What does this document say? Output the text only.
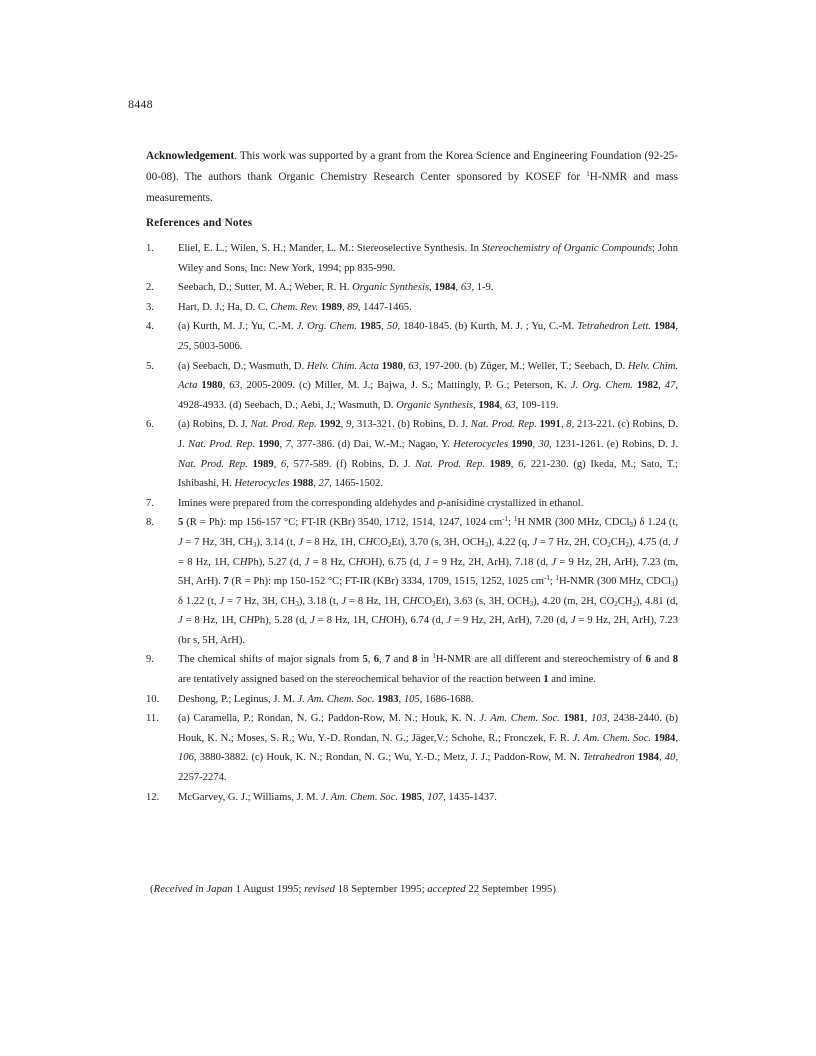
8448

Acknowledgement. This work was supported by a grant from the Korea Science and Engineering Foundation (92-25-00-08). The authors thank Organic Chemistry Research Center sponsored by KOSEF for $^1$H-NMR and mass measurements.

References and Notes
1.	Eliel, E. L.; Wilen, S. H.; Mander, L. M.: Stereoselective Synthesis. In Stereochemistry of Organic Compounds; John Wiley and Sons, Inc: New York, 1994; pp 835-990.
2.	Seebach, D.; Sutter, M. A.; Weber, R. H. Organic Synthesis, 1984, 63, 1-9.
3.	Hart, D. J.; Ha, D. C. Chem. Rev. 1989, 89, 1447-1465.
4.	(a) Kurth, M. J.; Yu, C.-M. J. Org. Chem. 1985, 50, 1840-1845. (b) Kurth, M. J. ; Yu, C.-M. Tetrahedron Lett. 1984, 25, 5003-5006.
5.	(a) Seebach, D.; Wasmuth, D. Helv. Chim. Acta 1980, 63, 197-200. (b) Züger, M.; Weller, T.; Seebach, D. Helv. Chim. Acta 1980, 63, 2005-2009. (c) Miller, M. J.; Bajwa, J. S.; Mattingly, P. G.; Peterson, K. J. Org. Chem. 1982, 47, 4928-4933. (d) Seebach, D.; Aebi, J.; Wasmuth, D. Organic Synthesis, 1984, 63, 109-119.
6.	(a) Robins, D. J. Nat. Prod. Rep. 1992, 9, 313-321. (b) Robins, D. J. Nat. Prod. Rep. 1991, 8, 213-221. (c) Robins, D. J. Nat. Prod. Rep. 1990, 7, 377-386. (d) Dai, W.-M.; Nagao, Y. Heterocycles 1990, 30, 1231-1261. (e) Robins, D. J. Nat. Prod. Rep. 1989, 6, 577-589. (f) Robins, D. J. Nat. Prod. Rep. 1989, 6, 221-230. (g) Ikeda, M.; Sato, T.; Ishibashi, H. Heterocycles 1988, 27, 1465-1502.
7.	Imines were prepared from the corresponding aldehydes and p-anisidine crystallized in ethanol.
8.	5 (R = Ph): mp 156-157 °C; FT-IR (KBr) 3540, 1712, 1514, 1247, 1024 $cm^{-1}$; $^1$H NMR (300 MHz, CDCl$_3$) δ 1.24 (t, J = 7 Hz, 3H, $CH_3$), 3.14 (t, J = 8 Hz, 1H, $CHCO_2Et$), 3.70 (s, 3H, $OCH_3$), 4.22 (q, J = 7 Hz, 2H, $CO_2CH_2$), 4.75 (d, J = 8 Hz, 1H, CHPh), 5.27 (d, J = 8 Hz, CHOH), 6.75 (d, J = 9 Hz, 2H, ArH), 7.18 (d, J = 9 Hz, 2H, ArH), 7.23 (m, 5H, ArH). 7 (R = Ph): mp 150-152 °C; FT-IR (KBr) 3334, 1709, 1515, 1252, 1025 $cm^{-1}$; $^1$H-NMR (300 MHz, CDCl$_3$) δ 1.22 (t, J = 7 Hz, 3H, $CH_3$), 3.18 (t, J = 8 Hz, 1H, $CHCO_2Et$), 3.63 (s, 3H, $OCH_3$), 4.20 (m, 2H, $CO_2CH_2$), 4.81 (d, J = 8 Hz, 1H, CHPh), 5.28 (d, J = 8 Hz, 1H, CHOH), 6.74 (d, J = 9 Hz, 2H, ArH), 7.20 (d, J = 9 Hz, 2H, ArH), 7.23 (br s, 5H, ArH).
9.	The chemical shifts of major signals from 5, 6, 7 and 8 in $^1$H-NMR are all different and stereochemistry of 6 and 8 are tentatively assigned based on the stereochemical behavior of the reaction between 1 and imine.
10.	Deshong, P.; Leginus, J. M. J. Am. Chem. Soc. 1983, 105, 1686-1688.
11.	(a) Caramella, P.; Rondan, N. G.; Paddon-Row, M. N.; Houk, K. N. J. Am. Chem. Soc. 1981, 103, 2438-2440. (b) Houk, K. N.; Moses, S. R.; Wu, Y.-D. Rondan, N. G.; Jäger,V.; Schohe, R.; Fronczek, F. R. J. Am. Chem. Soc. 1984, 106, 3880-3882. (c) Houk, K. N.; Rondan, N. G.; Wu, Y.-D.; Metz, J. J.; Paddon-Row, M. N. Tetrahedron 1984, 40, 2257-2274.
12.	McGarvey, G. J.; Williams, J. M. J. Am. Chem. Soc. 1985, 107, 1435-1437.
(Received in Japan 1 August 1995; revised 18 September 1995; accepted 22 September 1995)
